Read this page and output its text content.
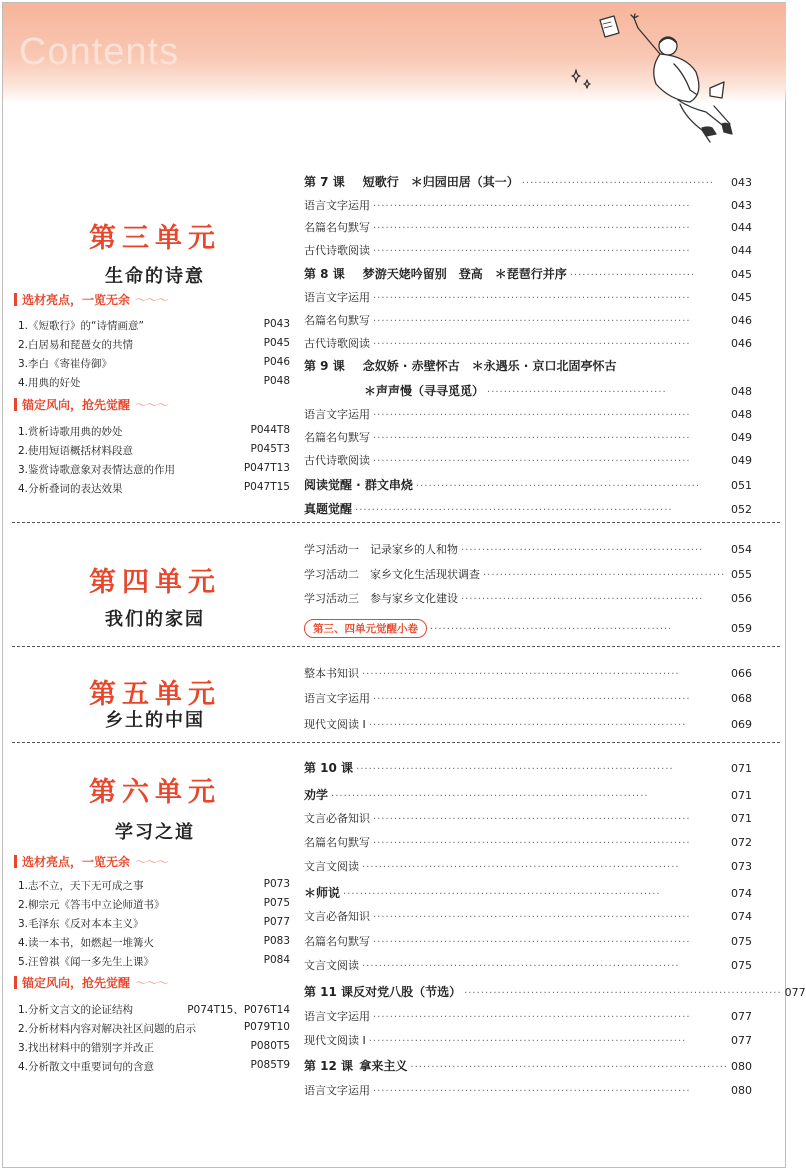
Contents
第三单元
生命的诗意
选材亮点，一览无余 ～～～
1.《短歌行》的“诗情画意”	P043
2.白居易和琵琶女的共情	P045
3.李白《寄崔侍御》	P046
4.用典的好处	P048
锚定风向，抢先觉醒 ～～～
1.赏析诗歌用典的妙处	P044T8
2.使用短语概括材料段意	P045T3
3.鉴赏诗歌意象对表情达意的作用	P047T13
4.分析叠词的表达效果	P047T15
第四单元
我们的家园
第五单元
乡土的中国
第六单元
学习之道
选材亮点，一览无余 ～～～
1.志不立，天下无可成之事	P073
2.柳宗元《答韦中立论师道书》	P075
3.毛泽东《反对本本主义》	P077
4.读一本书，如燃起一堆篝火	P083
5.汪曾祺《闻一多先生上课》	P084
锚定风向，抢先觉醒 ～～～
1.分析文言文的论证结构	P074T15、P076T14
2.分析材料内容对解决社区问题的启示	P079T10
3.找出材料中的错别字并改正	P080T5
4.分析散文中重要词句的含意	P085T9
第 7 课 短歌行　＊归园田居（其一） ··············································	043
语言文字运用 ············································································	043
名篇名句默写 ············································································	044
古代诗歌阅读 ············································································	044
第 8 课 梦游天姥吟留别　登高　＊琵琶行并序 ······························	045
语言文字运用 ············································································	045
名篇名句默写 ············································································	046
古代诗歌阅读 ············································································	046
第 9 课 念奴娇 · 赤壁怀古　＊永遇乐 · 京口北固亭怀古
＊声声慢（寻寻觅觅） ···········································	048
语言文字运用 ············································································	048
名篇名句默写 ············································································	049
古代诗歌阅读 ············································································	049
阅读觉醒 · 群文串烧 ····································································	051
真题觉醒 ············································································	052
学习活动一　记录家乡的人和物 ··························································	054
学习活动二　家乡文化生活现状调查 ·························································· 055
学习活动三　参与家乡文化建设 ··························································	056
第三、四单元觉醒小卷	··························································	059
整本书知识 ············································································	066
语言文字运用 ············································································	068
现代文阅读 Ⅰ ············································································	069
第 10 课 ············································································	071
劝学 ············································································	071
文言必备知识 ············································································	071
名篇名句默写 ············································································	072
文言文阅读 ············································································	073
＊师说 ············································································	074
文言必备知识 ············································································	074
名篇名句默写 ············································································	075
文言文阅读 ············································································	075
第 11 课 反对党八股（节选） ············································································ 077
语言文字运用 ············································································	077
现代文阅读 Ⅰ ············································································	077
第 12 课 拿来主义 ············································································ 080
语言文字运用 ············································································	080
